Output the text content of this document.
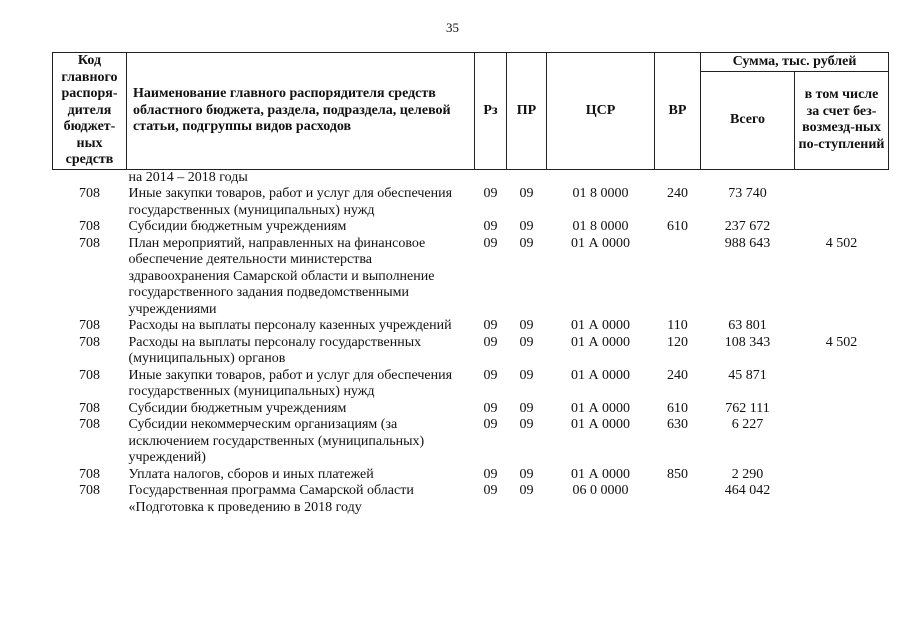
35
Код главного распоря-дителя бюджет-ных средств	Наименование главного распорядителя средств областного бюджета, раздела, подраздела, целевой статьи, подгруппы видов расходов	Рз	ПР	ЦСР	ВР	Сумма, тыс. рублей	
						Всего	в том числе за счет без-возмезд-ных по-ступлений
	на 2014 – 2018 годы						
708	Иные закупки товаров, работ и услуг для обеспечения государственных (муниципальных) нужд	09	09	01 8 0000	240	73 740	
708	Субсидии бюджетным учреждениям	09	09	01 8 0000	610	237 672	
708	План мероприятий, направленных на финансовое обеспечение деятельности министерства здравоохранения Самарской области и выполнение государственного задания подведомственными учреждениями	09	09	01 А 0000		988 643	4 502
708	Расходы на выплаты персоналу казенных учреждений	09	09	01 А 0000	110	63 801	
708	Расходы на выплаты персоналу государственных (муниципальных) органов	09	09	01 А 0000	120	108 343	4 502
708	Иные закупки товаров, работ и услуг для обеспечения государственных (муниципальных) нужд	09	09	01 А 0000	240	45 871	
708	Субсидии бюджетным учреждениям	09	09	01 А 0000	610	762 111	
708	Субсидии некоммерческим организациям (за исключением государственных (муниципальных) учреждений)	09	09	01 А 0000	630	6 227	
708	Уплата налогов, сборов и иных платежей	09	09	01 А 0000	850	2 290	
708	Государственная программа Самарской области «Подготовка к проведению в 2018 году	09	09	06 0 0000		464 042	
